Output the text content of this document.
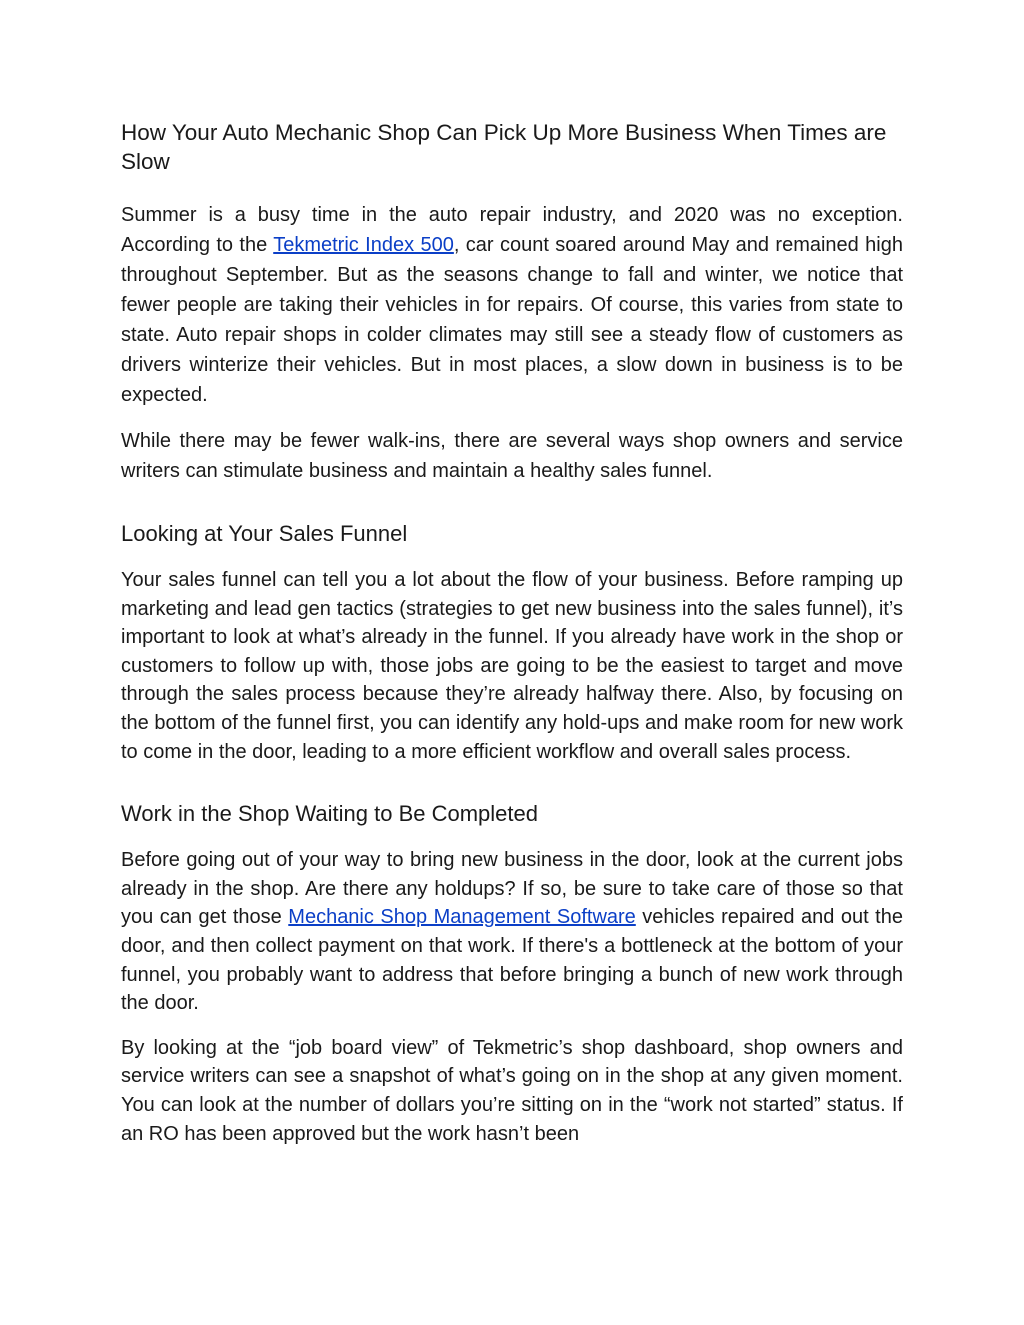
How Your Auto Mechanic Shop Can Pick Up More Business When Times are Slow

Summer is a busy time in the auto repair industry, and 2020 was no exception. According to the Tekmetric Index 500, car count soared around May and remained high throughout September. But as the seasons change to fall and winter, we notice that fewer people are taking their vehicles in for repairs. Of course, this varies from state to state. Auto repair shops in colder climates may still see a steady flow of customers as drivers winterize their vehicles. But in most places, a slow down in business is to be expected.

While there may be fewer walk-ins, there are several ways shop owners and service writers can stimulate business and maintain a healthy sales funnel.

Looking at Your Sales Funnel

Your sales funnel can tell you a lot about the flow of your business. Before ramping up marketing and lead gen tactics (strategies to get new business into the sales funnel), it’s important to look at what’s already in the funnel. If you already have work in the shop or customers to follow up with, those jobs are going to be the easiest to target and move through the sales process because they’re already halfway there. Also, by focusing on the bottom of the funnel first, you can identify any hold-ups and make room for new work to come in the door, leading to a more efficient workflow and overall sales process.

Work in the Shop Waiting to Be Completed

Before going out of your way to bring new business in the door, look at the current jobs already in the shop. Are there any holdups? If so, be sure to take care of those so that you can get those Mechanic Shop Management Software vehicles repaired and out the door, and then collect payment on that work. If there's a bottleneck at the bottom of your funnel, you probably want to address that before bringing a bunch of new work through the door.

By looking at the “job board view” of Tekmetric’s shop dashboard, shop owners and service writers can see a snapshot of what’s going on in the shop at any given moment. You can look at the number of dollars you’re sitting on in the “work not started” status. If an RO has been approved but the work hasn’t been
